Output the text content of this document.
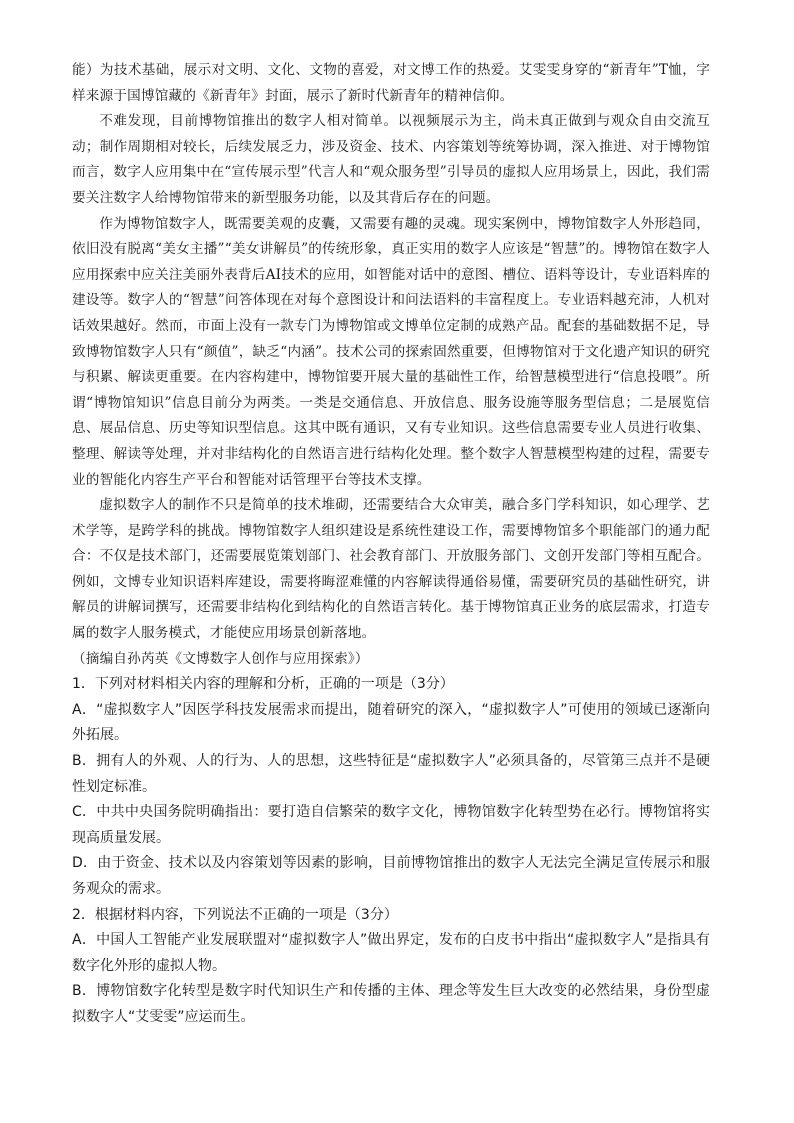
能）为技术基础，展示对文明、文化、文物的喜爱，对文博工作的热爱。艾雯雯身穿的“新青年”T恤，字样来源于国博馆藏的《新青年》封面，展示了新时代新青年的精神信仰。

不难发现，目前博物馆推出的数字人相对简单。以视频展示为主，尚未真正做到与观众自由交流互动；制作周期相对较长，后续发展乏力，涉及资金、技术、内容策划等统筹协调，深入推进、对于博物馆而言，数字人应用集中在“宣传展示型”代言人和“观众服务型”引导员的虚拟人应用场景上，因此，我们需要关注数字人给博物馆带来的新型服务功能，以及其背后存在的问题。

作为博物馆数字人，既需要美观的皮囊，又需要有趣的灵魂。现实案例中，博物馆数字人外形趋同，依旧没有脱离“美女主播”“美女讲解员”的传统形象，真正实用的数字人应该是“智慧”的。博物馆在数字人应用探索中应关注美丽外表背后AI技术的应用，如智能对话中的意图、槽位、语料等设计，专业语料库的建设等。数字人的“智慧”问答体现在对每个意图设计和问法语料的丰富程度上。专业语料越充沛，人机对话效果越好。然而，市面上没有一款专门为博物馆或文博单位定制的成熟产品。配套的基础数据不足，导致博物馆数字人只有“颜值”，缺乏“内涵”。技术公司的探索固然重要，但博物馆对于文化遗产知识的研究与积累、解读更重要。在内容构建中，博物馆要开展大量的基础性工作，给智慧模型进行“信息投喂”。所谓“博物馆知识”信息目前分为两类。一类是交通信息、开放信息、服务设施等服务型信息；二是展览信息、展品信息、历史等知识型信息。这其中既有通识，又有专业知识。这些信息需要专业人员进行收集、整理、解读等处理，并对非结构化的自然语言进行结构化处理。整个数字人智慧模型构建的过程，需要专业的智能化内容生产平台和智能对话管理平台等技术支撑。

虚拟数字人的制作不只是简单的技术堆砌，还需要结合大众审美，融合多门学科知识，如心理学、艺术学等，是跨学科的挑战。博物馆数字人组织建设是系统性建设工作，需要博物馆多个职能部门的通力配合：不仅是技术部门，还需要展览策划部门、社会教育部门、开放服务部门、文创开发部门等相互配合。例如，文博专业知识语料库建设，需要将晦涩难懂的内容解读得通俗易懂，需要研究员的基础性研究，讲解员的讲解词撰写，还需要非结构化到结构化的自然语言转化。基于博物馆真正业务的底层需求，打造专属的数字人服务模式，才能使应用场景创新落地。

（摘编自孙芮英《文博数字人创作与应用探索》）

1．下列对材料相关内容的理解和分析，正确的一项是（3分）

A．“虚拟数字人”因医学科技发展需求而提出，随着研究的深入，“虚拟数字人”可使用的领域已逐渐向外拓展。

B．拥有人的外观、人的行为、人的思想，这些特征是“虚拟数字人”必须具备的，尽管第三点并不是硬性划定标准。

C．中共中央国务院明确指出：要打造自信繁荣的数字文化，博物馆数字化转型势在必行。博物馆将实现高质量发展。

D．由于资金、技术以及内容策划等因素的影响，目前博物馆推出的数字人无法完全满足宣传展示和服务观众的需求。

2．根据材料内容，下列说法不正确的一项是（3分）

A．中国人工智能产业发展联盟对“虚拟数字人”做出界定，发布的白皮书中指出“虚拟数字人”是指具有数字化外形的虚拟人物。

B．博物馆数字化转型是数字时代知识生产和传播的主体、理念等发生巨大改变的必然结果，身份型虚拟数字人“艾雯雯”应运而生。
